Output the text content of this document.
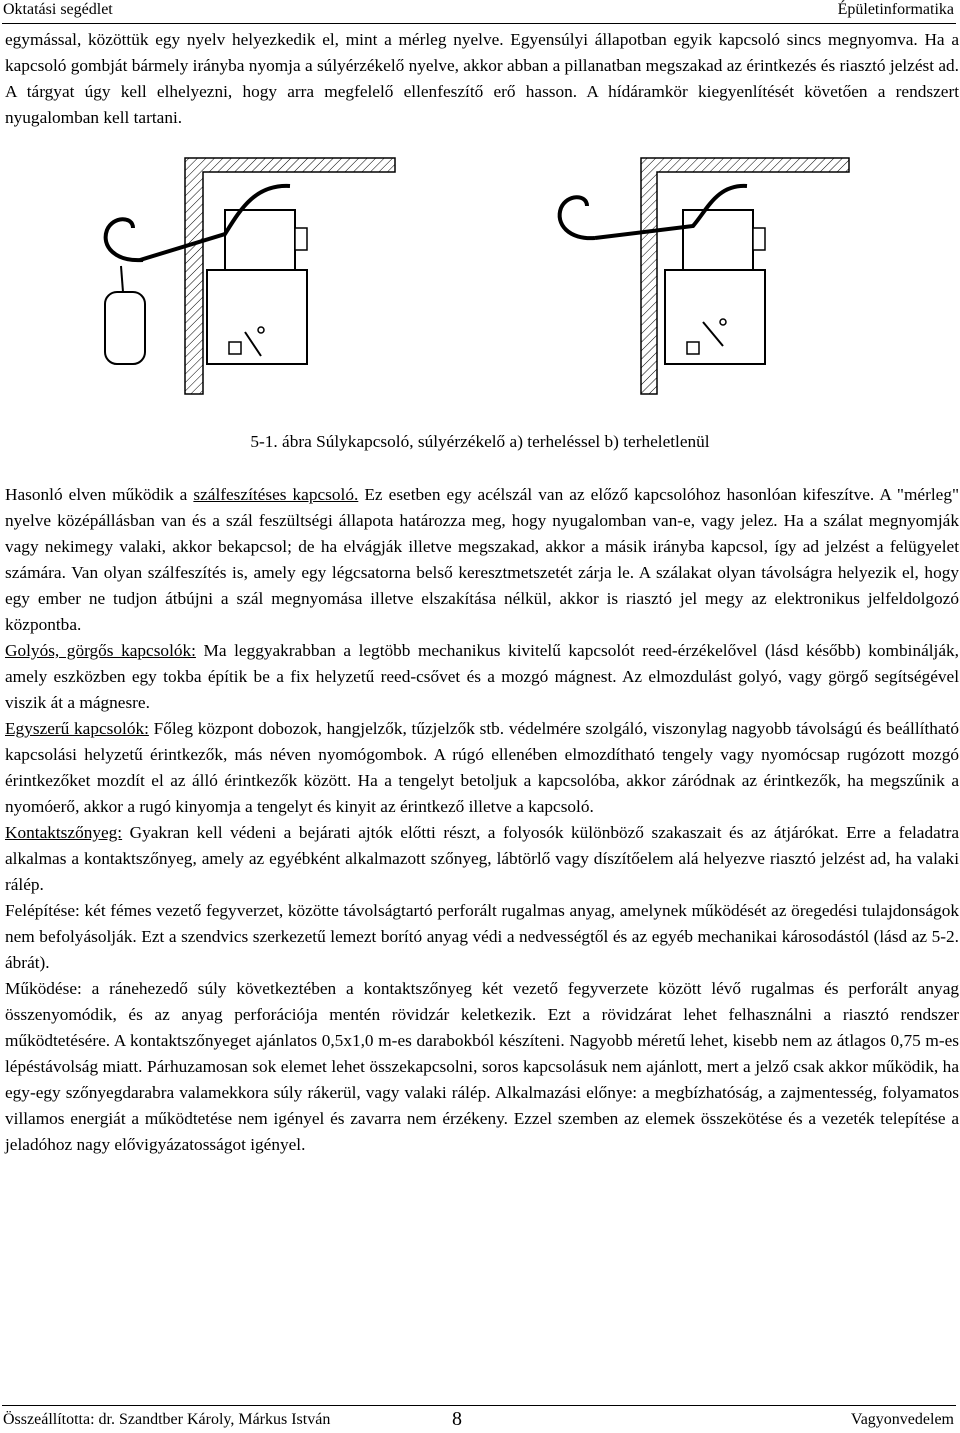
Oktatási segédlet	Épületinformatika

egymással, közöttük egy nyelv helyezkedik el, mint a mérleg nyelve. Egyensúlyi állapotban egyik kapcsoló sincs megnyomva. Ha a kapcsoló gombját bármely irányba nyomja a súlyérzékelő nyelve, akkor abban a pillanatban megszakad az érintkezés és riasztó jelzést ad. A tárgyat úgy kell elhelyezni, hogy arra megfelelő ellenfeszítő erő hasson. A hídáramkör kiegyenlítését követően a rendszert nyugalomban kell tartani.

5-1. ábra Súlykapcsoló, súlyérzékelő a) terheléssel b) terheletlenül

Hasonló elven működik a szálfeszítéses kapcsoló. Ez esetben egy acélszál van az előző kapcsolóhoz hasonlóan kifeszítve. A "mérleg" nyelve középállásban van és a szál feszültségi állapota határozza meg, hogy nyugalomban van-e, vagy jelez. Ha a szálat megnyomják vagy nekimegy valaki, akkor bekapcsol; de ha elvágják illetve megszakad, akkor a másik irányba kapcsol, így ad jelzést a felügyelet számára. Van olyan szálfeszítés is, amely egy légcsatorna belső keresztmetszetét zárja le. A szálakat olyan távolságra helyezik el, hogy egy ember ne tudjon átbújni a szál megnyomása illetve elszakítása nélkül, akkor is riasztó jel megy az elektronikus jelfeldolgozó központba.

Golyós, görgős kapcsolók: Ma leggyakrabban a legtöbb mechanikus kivitelű kapcsolót reed-érzékelővel (lásd később) kombinálják, amely eszközben egy tokba építik be a fix helyzetű reed-csővet és a mozgó mágnest. Az elmozdulást golyó, vagy görgő segítségével viszik át a mágnesre.

Egyszerű kapcsolók: Főleg központ dobozok, hangjelzők, tűzjelzők stb. védelmére szolgáló, viszonylag nagyobb távolságú és beállítható kapcsolási helyzetű érintkezők, más néven nyomógombok. A rúgó ellenében elmozdítható tengely vagy nyomócsap rugózott mozgó érintkezőket mozdít el az álló érintkezők között. Ha a tengelyt betoljuk a kapcsolóba, akkor záródnak az érintkezők, ha megszűnik a nyomóerő, akkor a rugó kinyomja a tengelyt és kinyit az érintkező illetve a kapcsoló.

Kontaktszőnyeg: Gyakran kell védeni a bejárati ajtók előtti részt, a folyosók különböző szakaszait és az átjárókat. Erre a feladatra alkalmas a kontaktszőnyeg, amely az egyébként alkalmazott szőnyeg, lábtörlő vagy díszítőelem alá helyezve riasztó jelzést ad, ha valaki rálép.

Felépítése: két fémes vezető fegyverzet, közötte távolságtartó perforált rugalmas anyag, amelynek működését az öregedési tulajdonságok nem befolyásolják. Ezt a szendvics szerkezetű lemezt borító anyag védi a nedvességtől és az egyéb mechanikai károsodástól (lásd az 5-2. ábrát).

Működése: a ránehezedő súly következtében a kontaktszőnyeg két vezető fegyverzete között lévő rugalmas és perforált anyag összenyomódik, és az anyag perforációja mentén rövidzár keletkezik. Ezt a rövidzárat lehet felhasználni a riasztó rendszer működtetésére. A kontaktszőnyeget ajánlatos 0,5x1,0 m-es darabokból készíteni. Nagyobb méretű lehet, kisebb nem az átlagos 0,75 m-es lépéstávolság miatt. Párhuzamosan sok elemet lehet összekapcsolni, soros kapcsolásuk nem ajánlott, mert a jelző csak akkor működik, ha egy-egy szőnyegdarabra valamekkora súly rákerül, vagy valaki rálép. Alkalmazási előnye: a megbízhatóság, a zajmentesség, folyamatos villamos energiát a működtetése nem igényel és zavarra nem érzékeny. Ezzel szemben az elemek összekötése és a vezeték telepítése a jeladóhoz nagy elővigyázatosságot igényel.

Összeállította: dr. Szandtber Károly, Márkus István	8	Vagyonvedelem
